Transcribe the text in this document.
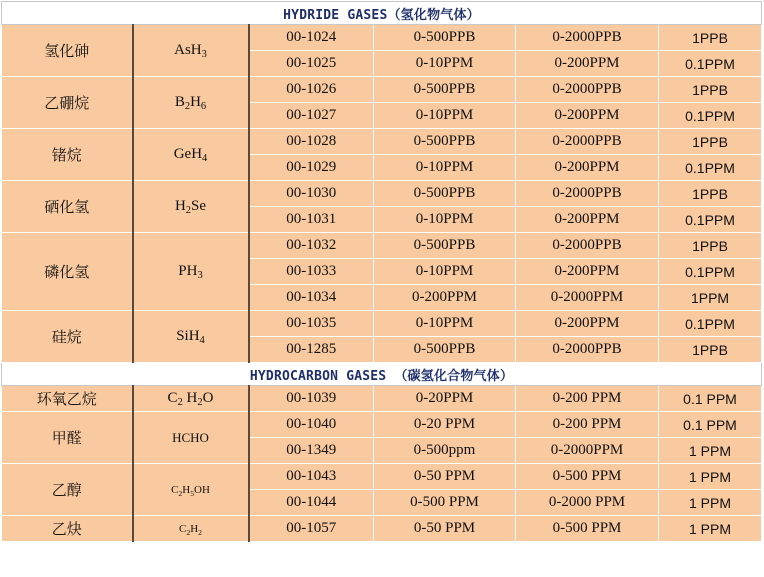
HYDRIDE GASES（氢化物气体）					
氢化砷	AsH$_3$	00-1024	0-500PPB	0-2000PPB	1PPB
		00-1025	0-10PPM	0-200PPM	0.1PPM
乙硼烷	$B_2H_6$	00-1026	0-500PPB	0-2000PPB	1PPB
		00-1027	0-10PPM	0-200PPM	0.1PPM
锗烷	GeH$_4$	00-1028	0-500PPB	0-2000PPB	1PPB
		00-1029	0-10PPM	0-200PPM	0.1PPM
硒化氢	$H_2Se$	00-1030	0-500PPB	0-2000PPB	1PPB
		00-1031	0-10PPM	0-200PPM	0.1PPM
磷化氢	$PH_3$	00-1032	0-500PPB	0-2000PPB	1PPB
		00-1033	0-10PPM	0-200PPM	0.1PPM
		00-1034	0-200PPM	0-2000PPM	1PPM
硅烷	SiH$_4$	00-1035	0-10PPM	0-200PPM	0.1PPM
		00-1285	0-500PPB	0-2000PPB	1PPB
HYDROCARBON GASES （碳氢化合物气体）					
环氧乙烷	$C_2$ $H_2O$	00-1039	0-20PPM	0-200 PPM	0.1 PPM
甲醛	HCHO	00-1040	0-20 PPM	0-200 PPM	0.1 PPM
		00-1349	0-500ppm	0-2000PPM	1 PPM
乙醇	$C_2H_5OH$	00-1043	0-50 PPM	0-500 PPM	1 PPM
		00-1044	0-500 PPM	0-2000 PPM	1 PPM
乙炔	$C_2H_2$	00-1057	0-50 PPM	0-500 PPM	1 PPM
